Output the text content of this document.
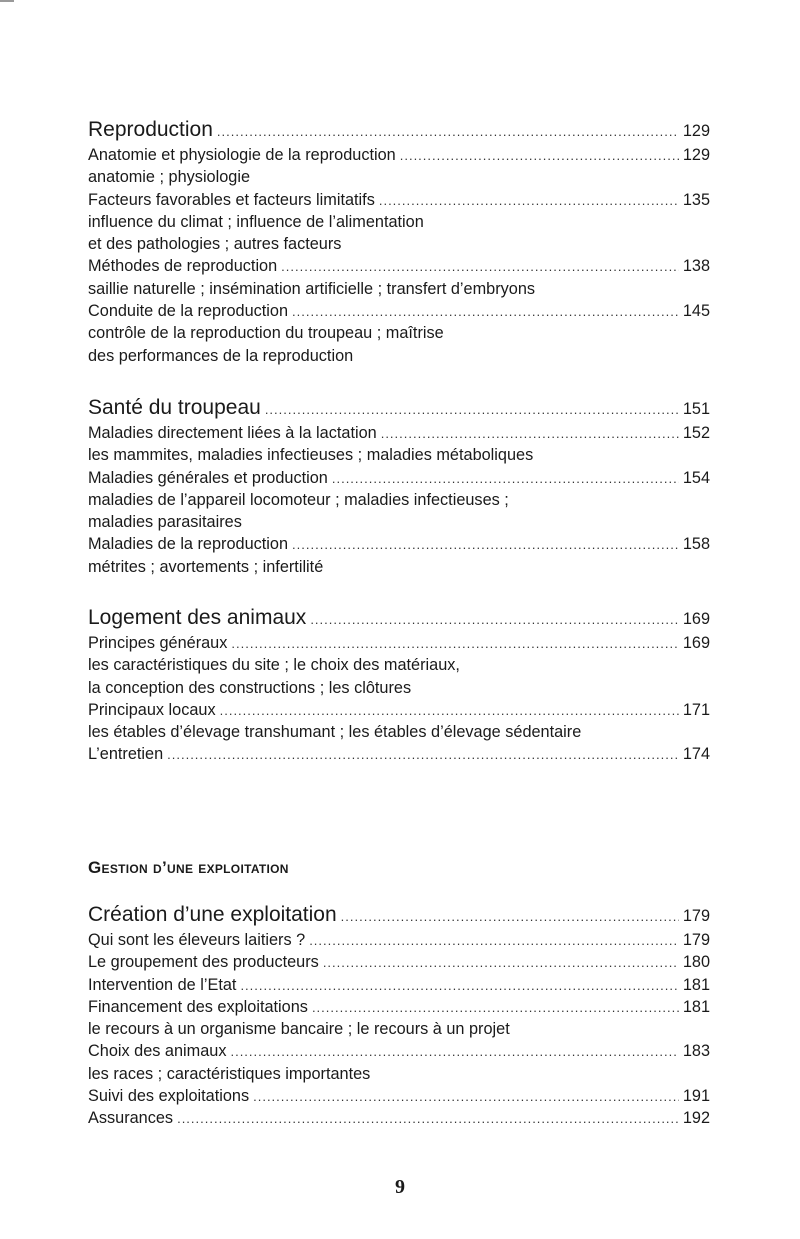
Reproduction .....	129
Anatomie et physiologie de la reproduction .....	129
anatomie ; physiologie
Facteurs favorables et facteurs limitatifs .....	135
influence du climat ; influence de l’alimentation
et des pathologies ; autres facteurs
Méthodes de reproduction .....	138
saillie naturelle ; insémination artificielle ; transfert d’embryons
Conduite de la reproduction .....	145
contrôle de la reproduction du troupeau ; maîtrise
des performances de la reproduction
Santé du troupeau .....	151
Maladies directement liées à la lactation .....	152
les mammites, maladies infectieuses ; maladies métaboliques
Maladies générales et production .....	154
maladies de l’appareil locomoteur ; maladies infectieuses ;
maladies parasitaires
Maladies de la reproduction .....	158
métrites ; avortements ; infertilité
Logement des animaux .....	169
Principes généraux .....	169
les caractéristiques du site ; le choix des matériaux,
la conception des constructions ; les clôtures
Principaux locaux .....	171
les étables d’élevage transhumant ; les étables d’élevage sédentaire
L’entretien .....	174
Création d’une exploitation .....	179
Qui sont les éleveurs laitiers ? .....	179
Le groupement des producteurs .....	180
Intervention de l’Etat .....	181
Financement des exploitations .....	181
le recours à un organisme bancaire ; le recours à un projet
Choix des animaux .....	183
les races ; caractéristiques importantes
Suivi des exploitations .....	191
Assurances .....	192
Gestion d’une exploitation
9
